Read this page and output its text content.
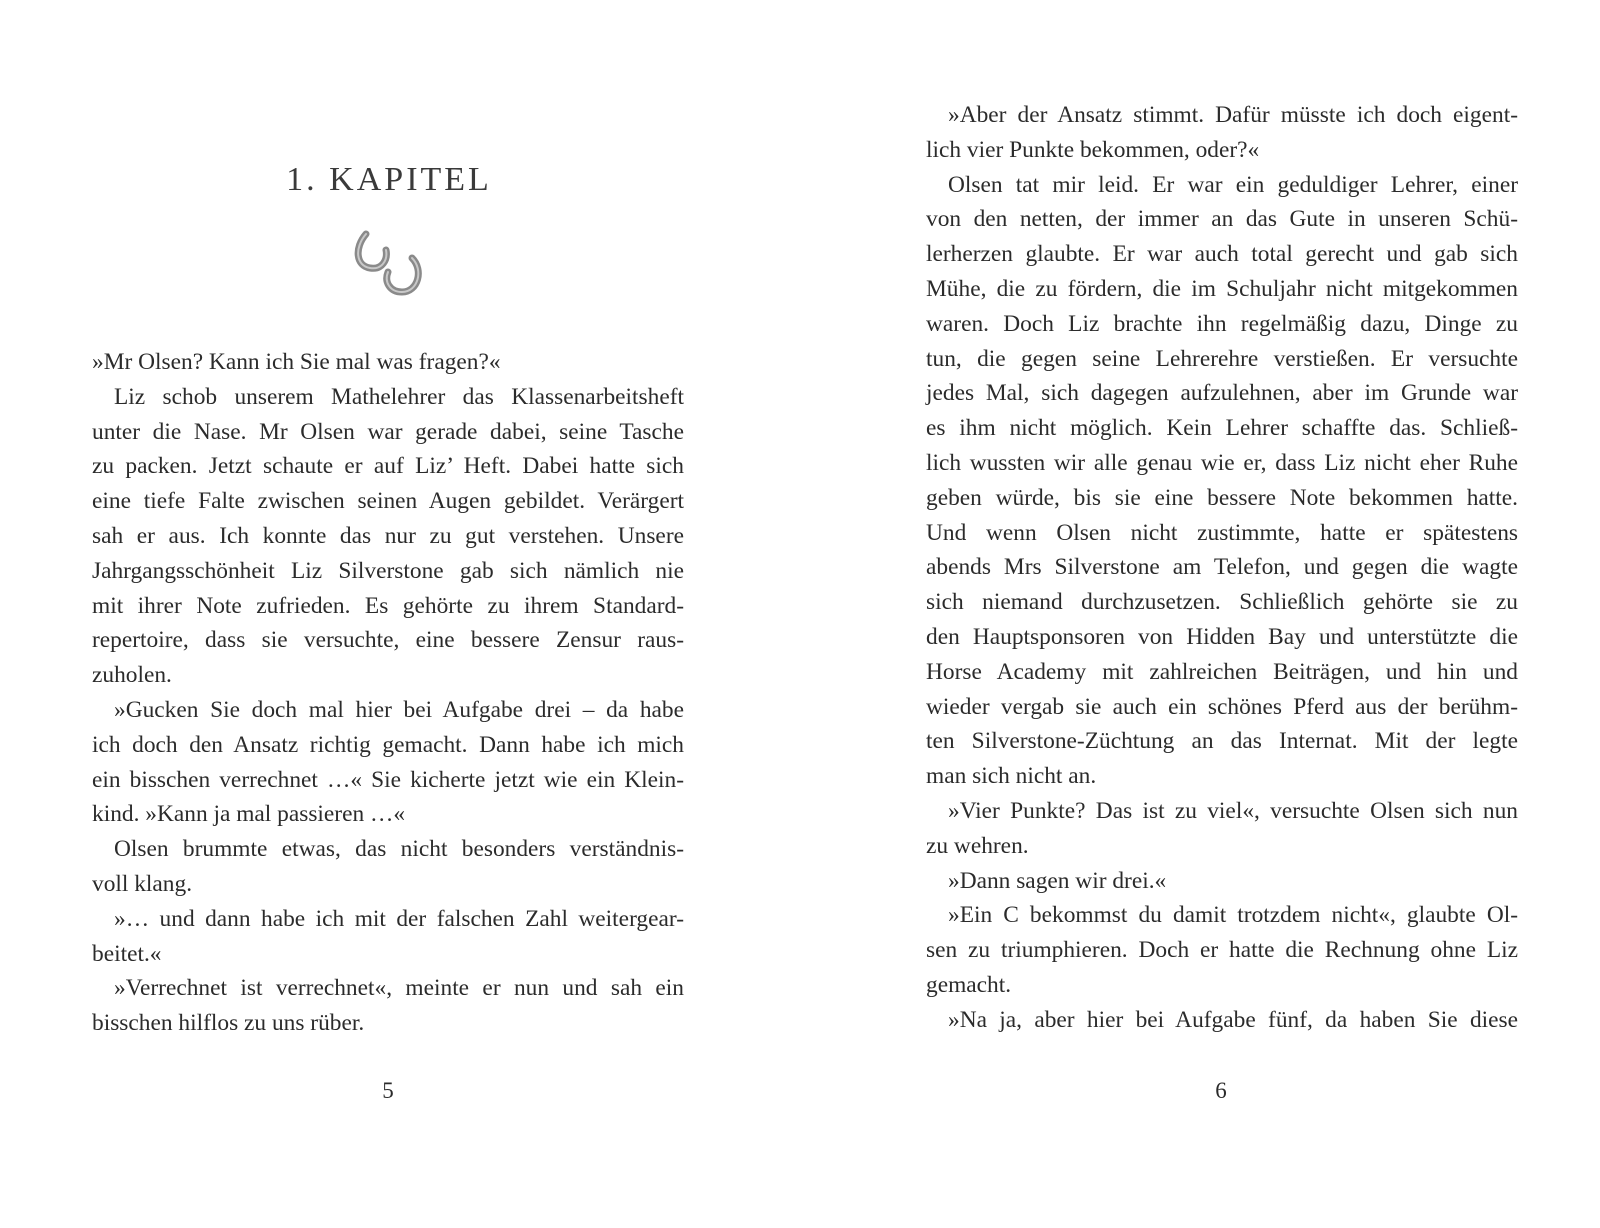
1. KAPITEL
»Mr Olsen? Kann ich Sie mal was fragen?«
Liz schob unserem Mathelehrer das Klassenarbeitsheft
unter die Nase. Mr Olsen war gerade dabei, seine Tasche
zu packen. Jetzt schaute er auf Liz’ Heft. Dabei hatte sich
eine tiefe Falte zwischen seinen Augen gebildet. Verärgert
sah er aus. Ich konnte das nur zu gut verstehen. Unsere
Jahrgangsschönheit Liz Silverstone gab sich nämlich nie
mit ihrer Note zufrieden. Es gehörte zu ihrem Standard-
repertoire, dass sie versuchte, eine bessere Zensur raus-
zuholen.
»Gucken Sie doch mal hier bei Aufgabe drei – da habe
ich doch den Ansatz richtig gemacht. Dann habe ich mich
ein bisschen verrechnet …« Sie kicherte jetzt wie ein Klein-
kind. »Kann ja mal passieren …«
Olsen brummte etwas, das nicht besonders verständnis-
voll klang.
»… und dann habe ich mit der falschen Zahl weitergear-
beitet.«
»Verrechnet ist verrechnet«, meinte er nun und sah ein
bisschen hilflos zu uns rüber.
5
»Aber der Ansatz stimmt. Dafür müsste ich doch eigent-
lich vier Punkte bekommen, oder?«
Olsen tat mir leid. Er war ein geduldiger Lehrer, einer
von den netten, der immer an das Gute in unseren Schü-
lerherzen glaubte. Er war auch total gerecht und gab sich
Mühe, die zu fördern, die im Schuljahr nicht mitgekommen
waren. Doch Liz brachte ihn regelmäßig dazu, Dinge zu
tun, die gegen seine Lehrerehre verstießen. Er versuchte
jedes Mal, sich dagegen aufzulehnen, aber im Grunde war
es ihm nicht möglich. Kein Lehrer schaffte das. Schließ-
lich wussten wir alle genau wie er, dass Liz nicht eher Ruhe
geben würde, bis sie eine bessere Note bekommen hatte.
Und wenn Olsen nicht zustimmte, hatte er spätestens
abends Mrs Silverstone am Telefon, und gegen die wagte
sich niemand durchzusetzen. Schließlich gehörte sie zu
den Hauptsponsoren von Hidden Bay und unterstützte die
Horse Academy mit zahlreichen Beiträgen, und hin und
wieder vergab sie auch ein schönes Pferd aus der berühm-
ten Silverstone-Züchtung an das Internat. Mit der legte
man sich nicht an.
»Vier Punkte? Das ist zu viel«, versuchte Olsen sich nun
zu wehren.
»Dann sagen wir drei.«
»Ein C bekommst du damit trotzdem nicht«, glaubte Ol-
sen zu triumphieren. Doch er hatte die Rechnung ohne Liz
gemacht.
»Na ja, aber hier bei Aufgabe fünf, da haben Sie diese
6
